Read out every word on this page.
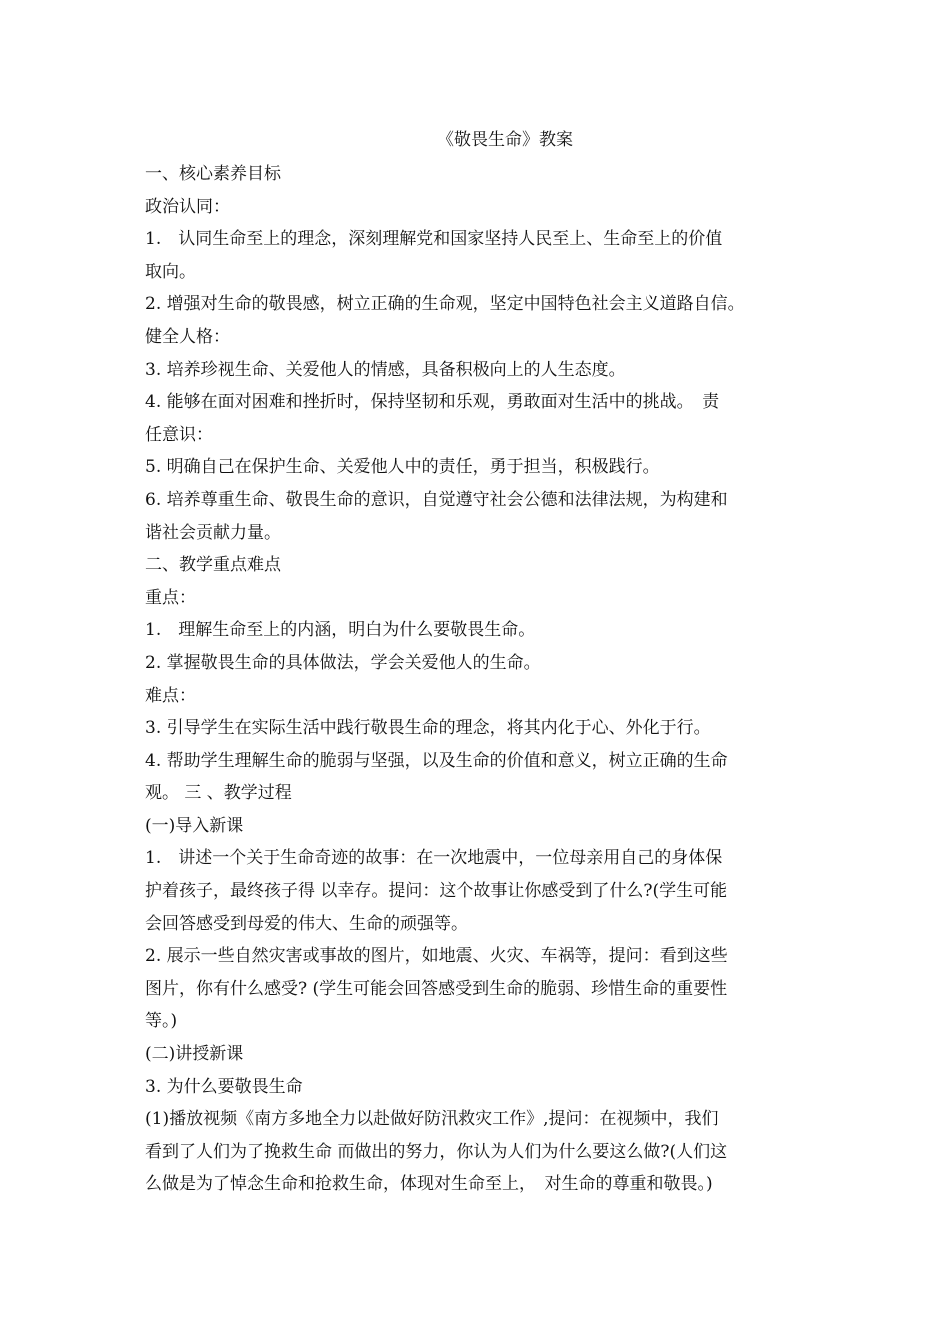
《敬畏生命》教案
一、核心素养目标
政治认同：
1.　认同生命至上的理念，深刻理解党和国家坚持人民至上、生命至上的价值
取向。
2. 增强对生命的敬畏感，树立正确的生命观，坚定中国特色社会主义道路自信。
健全人格：
3. 培养珍视生命、关爱他人的情感，具备积极向上的人生态度。
4. 能够在面对困难和挫折时，保持坚韧和乐观，勇敢面对生活中的挑战。　责
任意识：
5. 明确自己在保护生命、关爱他人中的责任，勇于担当，积极践行。
6. 培养尊重生命、敬畏生命的意识，自觉遵守社会公德和法律法规，为构建和
谐社会贡献力量。
二、教学重点难点
重点：
1.　理解生命至上的内涵，明白为什么要敬畏生命。
2. 掌握敬畏生命的具体做法，学会关爱他人的生命。
难点：
3. 引导学生在实际生活中践行敬畏生命的理念，将其内化于心、外化于行。
4. 帮助学生理解生命的脆弱与坚强，以及生命的价值和意义，树立正确的生命
观。 三 、教学过程
(一)导入新课
1.　讲述一个关于生命奇迹的故事：在一次地震中，一位母亲用自己的身体保
护着孩子，最终孩子得 以幸存。提问：这个故事让你感受到了什么?(学生可能
会回答感受到母爱的伟大、生命的顽强等。
2. 展示一些自然灾害或事故的图片，如地震、火灾、车祸等，提问：看到这些
图片，你有什么感受? (学生可能会回答感受到生命的脆弱、珍惜生命的重要性
等。)
(二)讲授新课
3. 为什么要敬畏生命
(1)播放视频《南方多地全力以赴做好防汛救灾工作》,提问：在视频中，我们
看到了人们为了挽救生命 而做出的努力，你认为人们为什么要这么做?(人们这
么做是为了悼念生命和抢救生命，体现对生命至上，　对生命的尊重和敬畏。)
